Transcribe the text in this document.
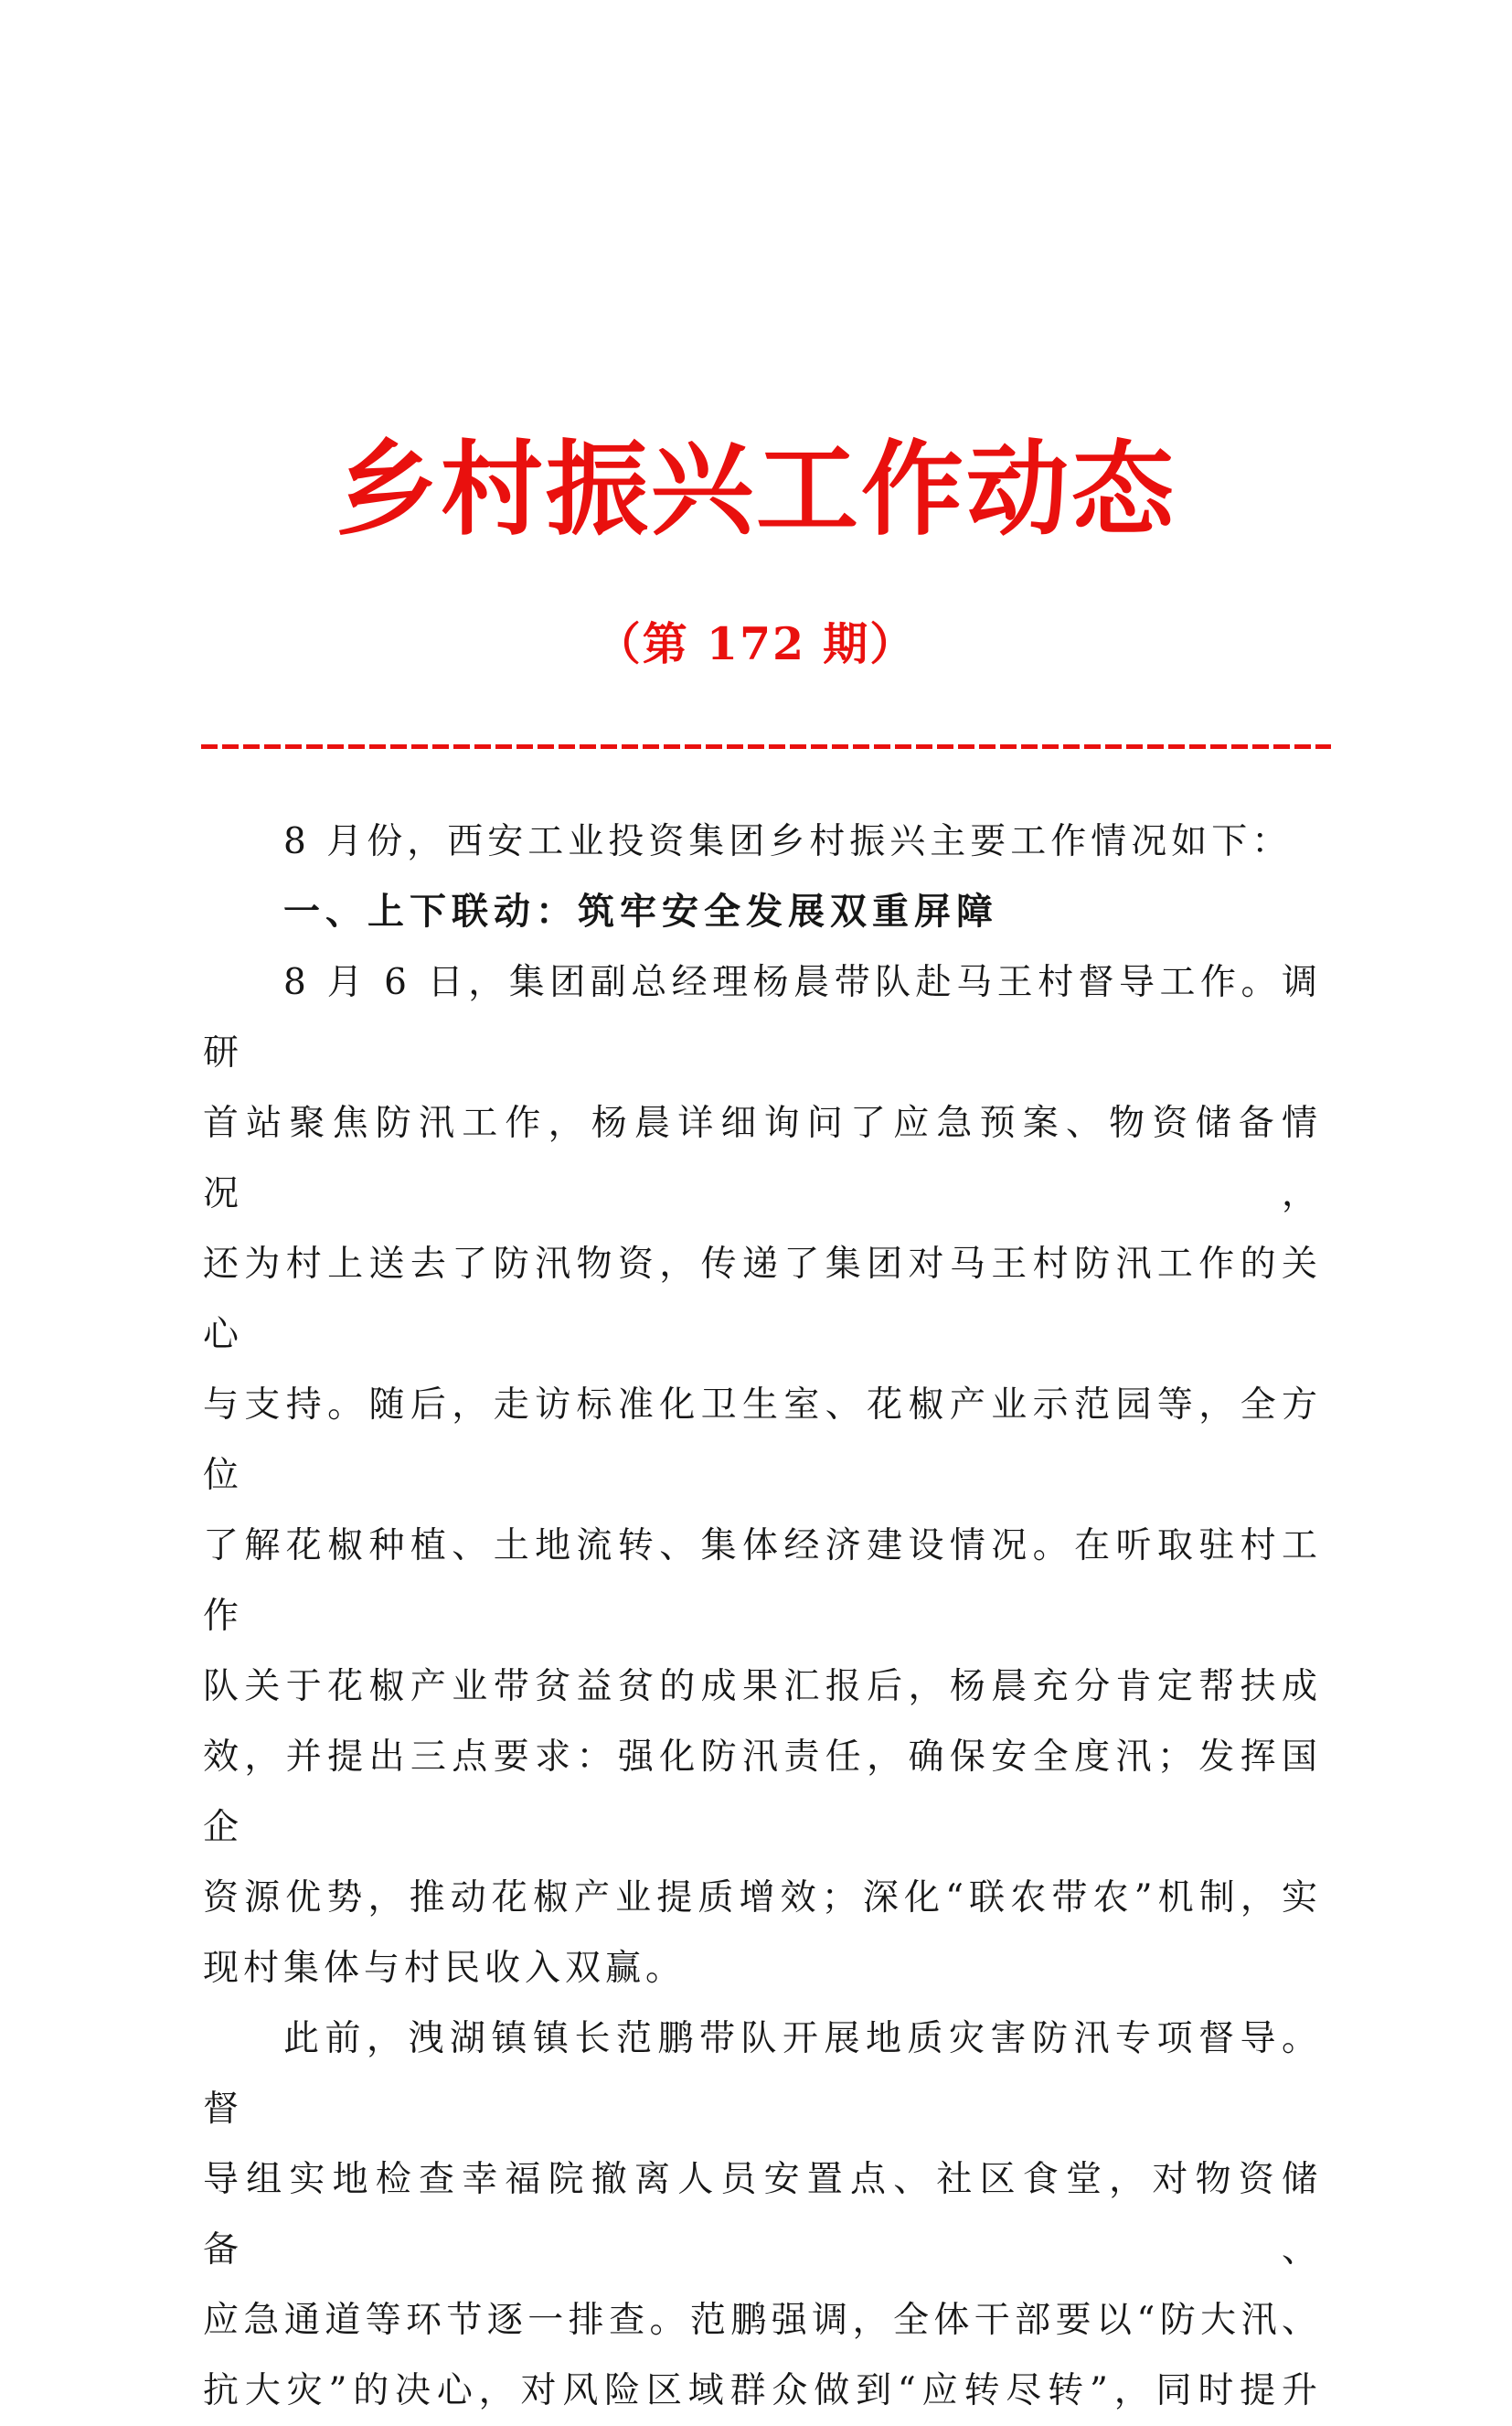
乡村振兴工作动态
（第 172 期）
8 月份，西安工业投资集团乡村振兴主要工作情况如下：
一、上下联动：筑牢安全发展双重屏障
8 月 6 日，集团副总经理杨晨带队赴马王村督导工作。调研
首站聚焦防汛工作，杨晨详细询问了应急预案、物资储备情况，
还为村上送去了防汛物资，传递了集团对马王村防汛工作的关心
与支持。随后，走访标准化卫生室、花椒产业示范园等，全方位
了解花椒种植、土地流转、集体经济建设情况。在听取驻村工作
队关于花椒产业带贫益贫的成果汇报后，杨晨充分肯定帮扶成
效，并提出三点要求：强化防汛责任，确保安全度汛；发挥国企
资源优势，推动花椒产业提质增效；深化“联农带农”机制，实
现村集体与村民收入双赢。
此前，洩湖镇镇长范鹏带队开展地质灾害防汛专项督导。督
导组实地检查幸福院撤离人员安置点、社区食堂，对物资储备、
应急通道等环节逐一排查。范鹏强调，全体干部要以“防大汛、
抗大灾”的决心，对风险区域群众做到“应转尽转”，同时提升
